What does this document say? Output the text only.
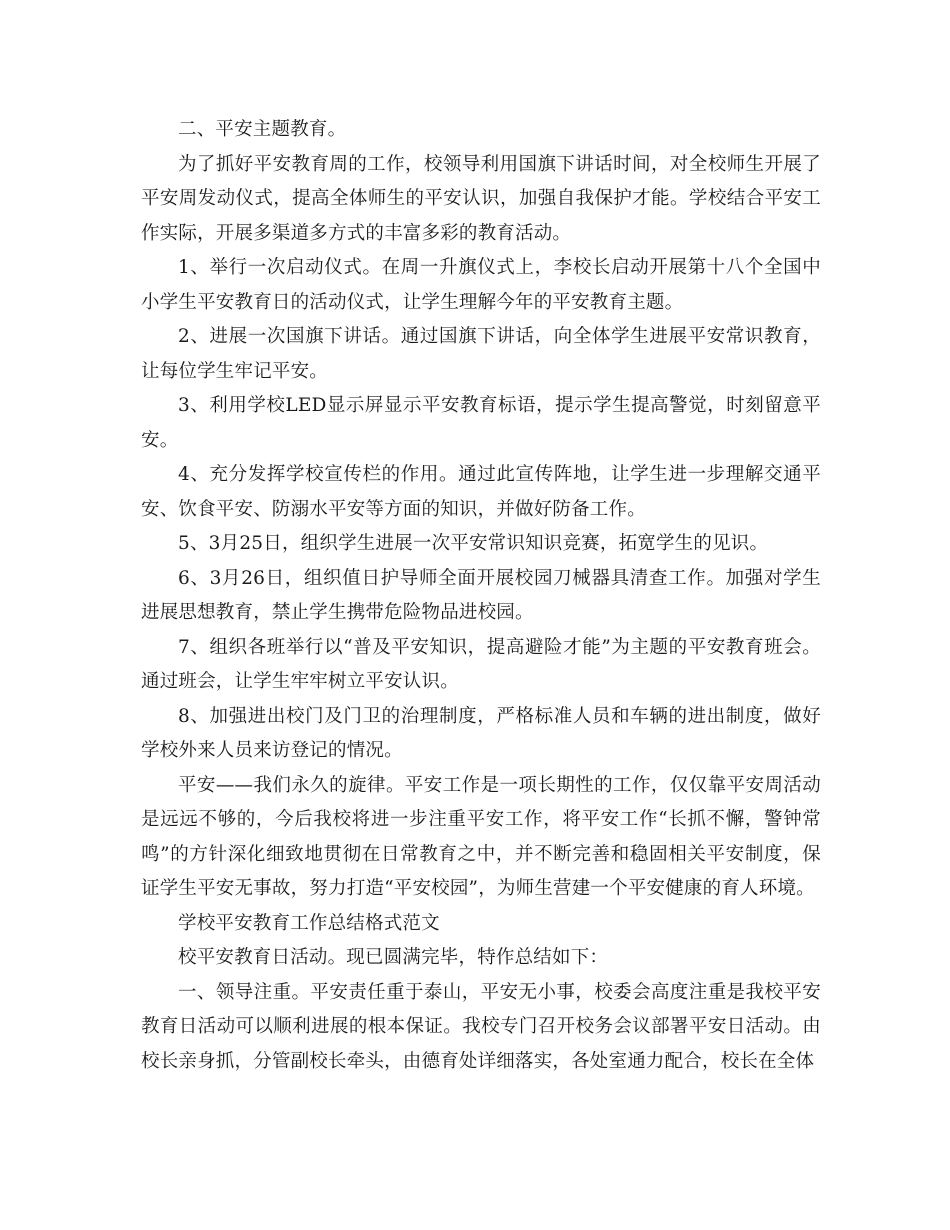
二、平安主题教育。

为了抓好平安教育周的工作，校领导利用国旗下讲话时间，对全校师生开展了平安周发动仪式，提高全体师生的平安认识，加强自我保护才能。学校结合平安工作实际，开展多渠道多方式的丰富多彩的教育活动。

1、举行一次启动仪式。在周一升旗仪式上，李校长启动开展第十八个全国中小学生平安教育日的活动仪式，让学生理解今年的平安教育主题。

2、进展一次国旗下讲话。通过国旗下讲话，向全体学生进展平安常识教育，让每位学生牢记平安。

3、利用学校LED显示屏显示平安教育标语，提示学生提高警觉，时刻留意平安。

4、充分发挥学校宣传栏的作用。通过此宣传阵地，让学生进一步理解交通平安、饮食平安、防溺水平安等方面的知识，并做好防备工作。

5、3月25日，组织学生进展一次平安常识知识竞赛，拓宽学生的见识。

6、3月26日，组织值日护导师全面开展校园刀械器具清查工作。加强对学生进展思想教育，禁止学生携带危险物品进校园。

7、组织各班举行以“普及平安知识，提高避险才能”为主题的平安教育班会。通过班会，让学生牢牢树立平安认识。

8、加强进出校门及门卫的治理制度，严格标准人员和车辆的进出制度，做好学校外来人员来访登记的情况。

平安——我们永久的旋律。平安工作是一项长期性的工作，仅仅靠平安周活动是远远不够的，今后我校将进一步注重平安工作，将平安工作“长抓不懈，警钟常鸣”的方针深化细致地贯彻在日常教育之中，并不断完善和稳固相关平安制度，保证学生平安无事故，努力打造“平安校园”，为师生营建一个平安健康的育人环境。

学校平安教育工作总结格式范文

校平安教育日活动。现已圆满完毕，特作总结如下：

一、领导注重。平安责任重于泰山，平安无小事，校委会高度注重是我校平安教育日活动可以顺利进展的根本保证。我校专门召开校务会议部署平安日活动。由校长亲身抓，分管副校长牵头，由德育处详细落实，各处室通力配合，校长在全体
